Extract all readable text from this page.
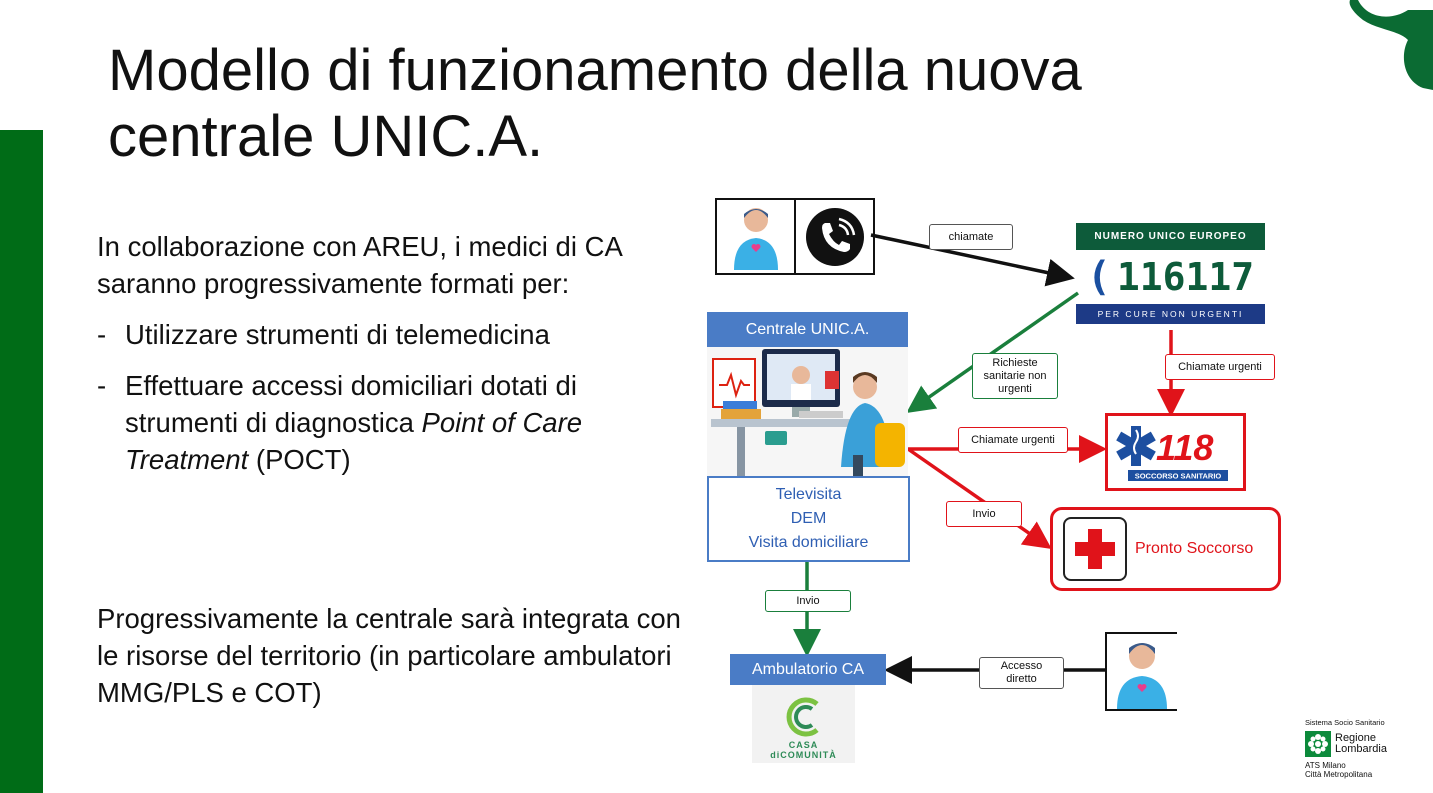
Modello di funzionamento della nuova centrale UNIC.A.

In collaborazione con AREU, i medici di CA saranno progressivamente formati per:

- Utilizzare strumenti di telemedicina
- Effettuare accessi domiciliari dotati di strumenti di diagnostica Point of Care Treatment (POCT)

Progressivamente la centrale sarà integrata con le risorse del territorio (in particolare ambulatori MMG/PLS e COT)

NUMERO UNICO EUROPEO
( 116117
PER CURE NON URGENTI
Centrale UNIC.A.
Televisita
DEM
Visita domiciliare
118
SOCCORSO SANITARIO
Pronto Soccorso
Ambulatorio CA
CASA
diCOMUNITÀ
chiamate
Richieste
sanitarie non
urgenti
Chiamate urgenti
Chiamate urgenti
Invio
Invio
Accesso
diretto
Sistema Socio Sanitario
Regione
Lombardia
ATS Milano
Città Metropolitana
